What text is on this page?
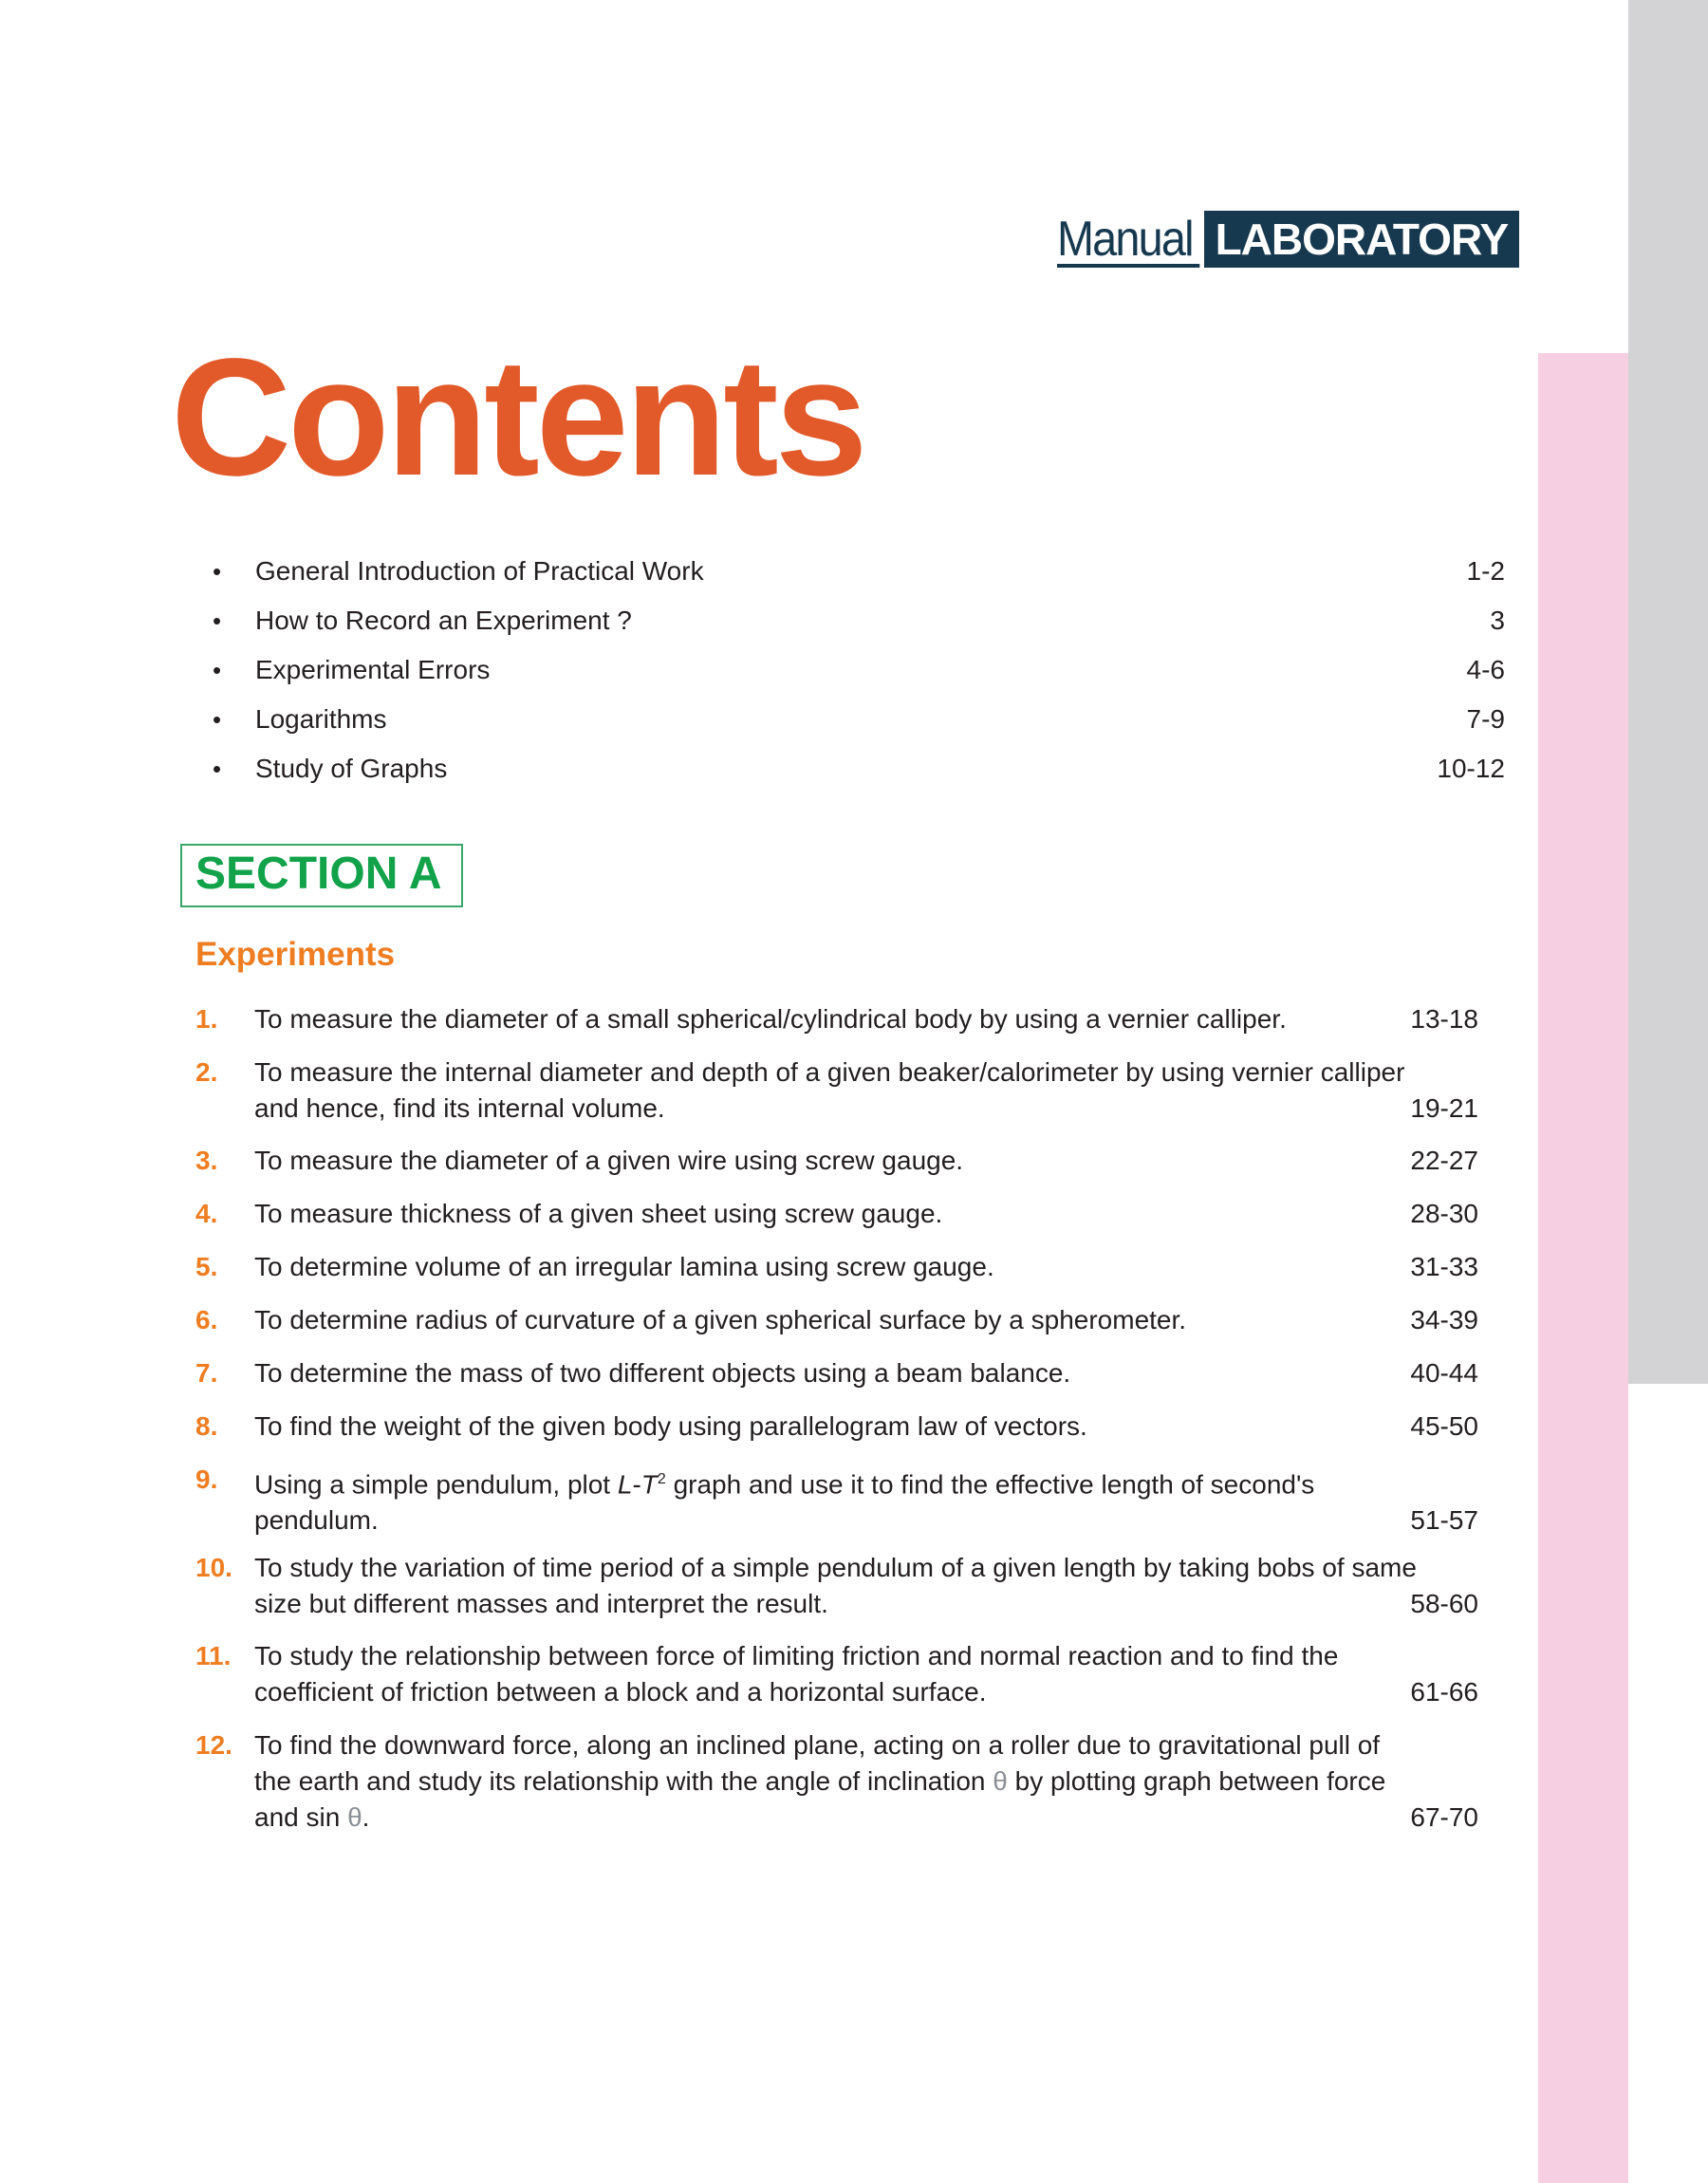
Manual LABORATORY
Contents
•	General Introduction of Practical Work	1-2
•	How to Record an Experiment ?	3
•	Experimental Errors	4-6
•	Logarithms	7-9
•	Study of Graphs	10-12
SECTION A
Experiments
1. To measure the diameter of a small spherical/cylindrical body by using a vernier calliper.	13-18
2. To measure the internal diameter and depth of a given beaker/calorimeter by using vernier calliper and hence, find its internal volume.	19-21
3. To measure the diameter of a given wire using screw gauge.	22-27
4. To measure thickness of a given sheet using screw gauge.	28-30
5. To determine volume of an irregular lamina using screw gauge.	31-33
6. To determine radius of curvature of a given spherical surface by a spherometer.	34-39
7. To determine the mass of two different objects using a beam balance.	40-44
8. To find the weight of the given body using parallelogram law of vectors.	45-50
9. Using a simple pendulum, plot $L-T^2$ graph and use it to find the effective length of second's pendulum.	51-57
10. To study the variation of time period of a simple pendulum of a given length by taking bobs of same size but different masses and interpret the result.	58-60
11. To study the relationship between force of limiting friction and normal reaction and to find the coefficient of friction between a block and a horizontal surface.	61-66
12. To find the downward force, along an inclined plane, acting on a roller due to gravitational pull of the earth and study its relationship with the angle of inclination θ by plotting graph between force and sin θ.	67-70
